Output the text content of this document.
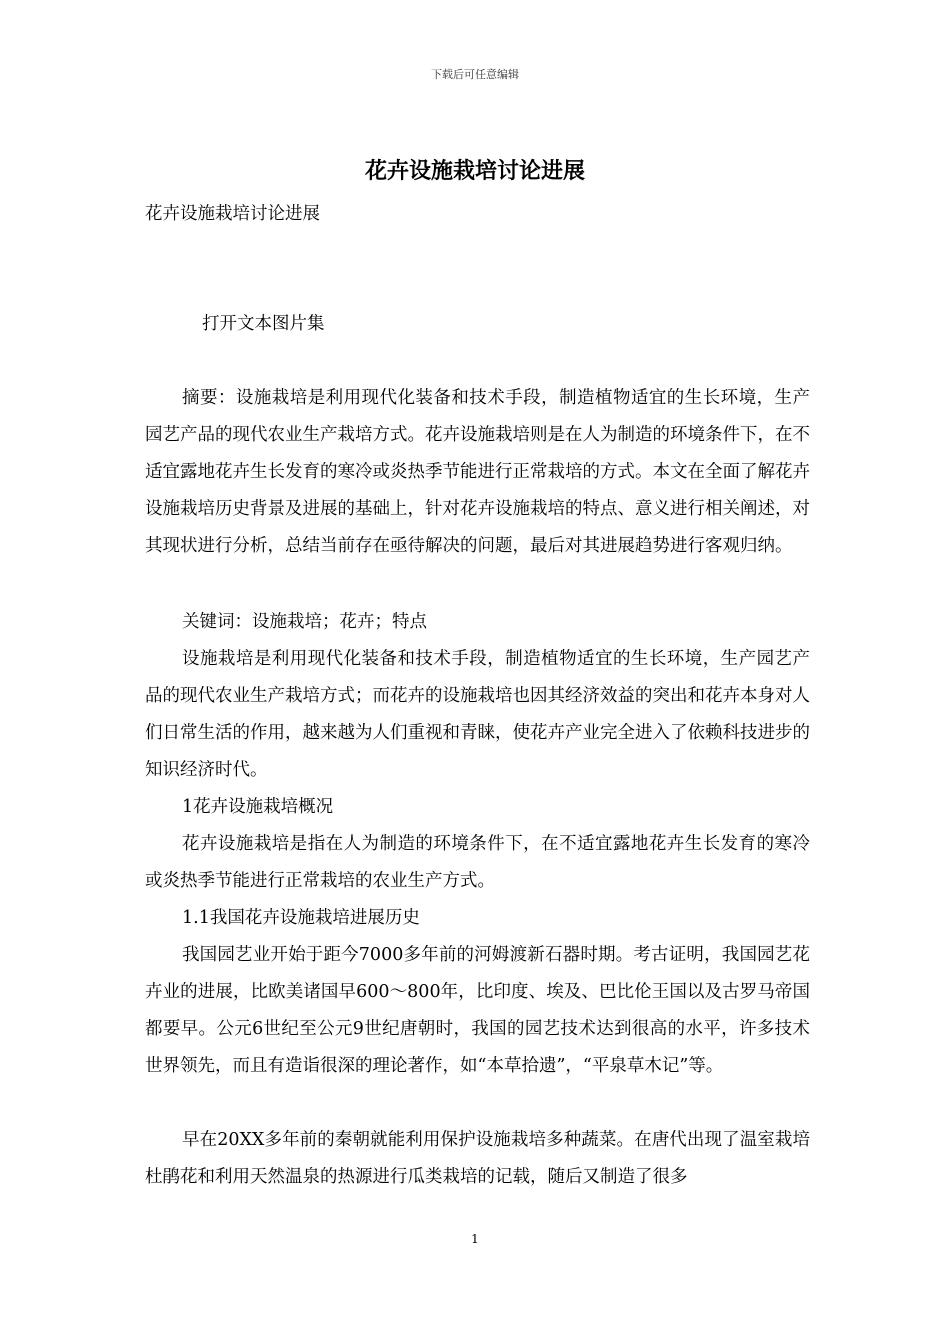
下载后可任意编辑
花卉设施栽培讨论进展

花卉设施栽培讨论进展

打开文本图片集

摘要：设施栽培是利用现代化装备和技术手段，制造植物适宜的生长环境，生产园艺产品的现代农业生产栽培方式。花卉设施栽培则是在人为制造的环境条件下，在不适宜露地花卉生长发育的寒冷或炎热季节能进行正常栽培的方式。本文在全面了解花卉设施栽培历史背景及进展的基础上，针对花卉设施栽培的特点、意义进行相关阐述，对其现状进行分析，总结当前存在亟待解决的问题，最后对其进展趋势进行客观归纳。

关键词：设施栽培；花卉；特点

设施栽培是利用现代化装备和技术手段，制造植物适宜的生长环境，生产园艺产品的现代农业生产栽培方式；而花卉的设施栽培也因其经济效益的突出和花卉本身对人们日常生活的作用，越来越为人们重视和青睐，使花卉产业完全进入了依赖科技进步的知识经济时代。

1花卉设施栽培概况

花卉设施栽培是指在人为制造的环境条件下，在不适宜露地花卉生长发育的寒冷或炎热季节能进行正常栽培的农业生产方式。

1.1我国花卉设施栽培进展历史

我国园艺业开始于距今7000多年前的河姆渡新石器时期。考古证明，我国园艺花卉业的进展，比欧美诸国早600～800年，比印度、埃及、巴比伦王国以及古罗马帝国都要早。公元6世纪至公元9世纪唐朝时，我国的园艺技术达到很高的水平，许多技术世界领先，而且有造诣很深的理论著作，如“本草拾遗”，“平泉草木记”等。

早在20XX多年前的秦朝就能利用保护设施栽培多种蔬菜。在唐代出现了温室栽培杜鹃花和利用天然温泉的热源进行瓜类栽培的记载，随后又制造了很多

1
